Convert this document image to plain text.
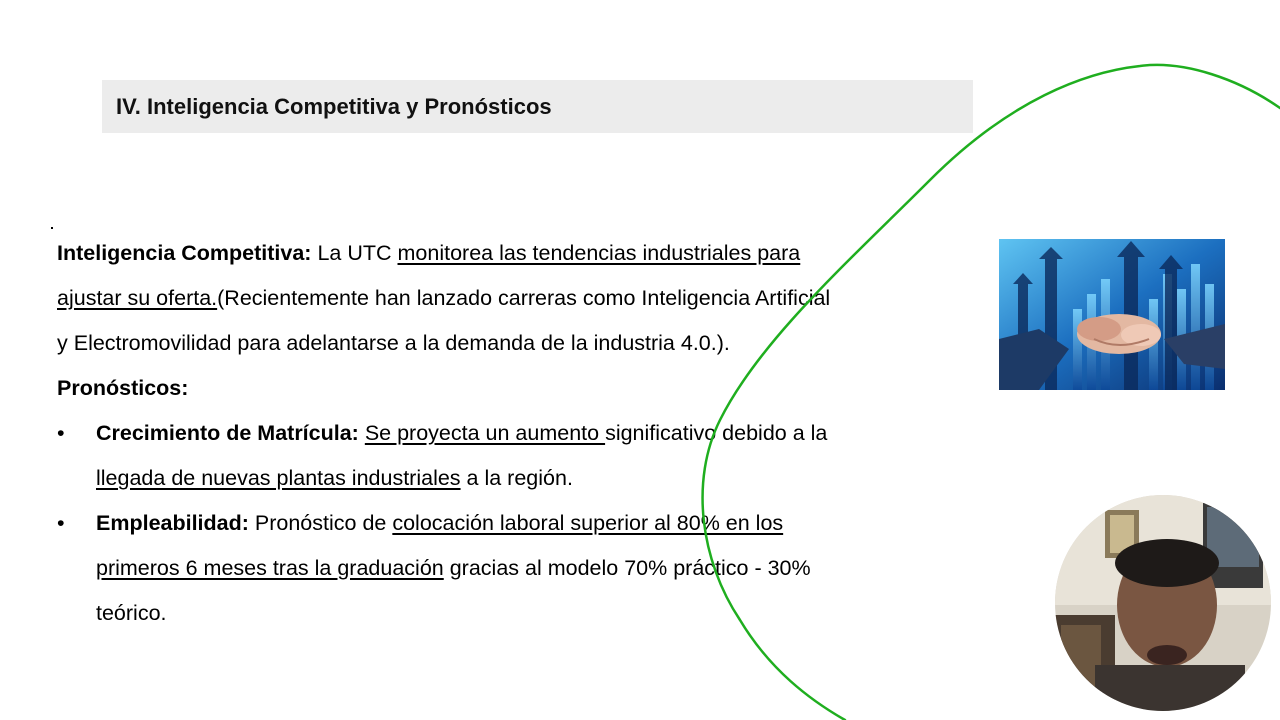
IV. Inteligencia Competitiva y Pronósticos
Inteligencia Competitiva: La UTC monitorea las tendencias industriales para
ajustar su oferta.(Recientemente han lanzado carreras como Inteligencia Artificial
y Electromovilidad para adelantarse a la demanda de la industria 4.0.).
Pronósticos:
• Crecimiento de Matrícula: Se proyecta un aumento significativo debido a la
llegada de nuevas plantas industriales a la región.
• Empleabilidad: Pronóstico de colocación laboral superior al 80% en los
primeros 6 meses tras la graduación gracias al modelo 70% práctico - 30%
teórico.
